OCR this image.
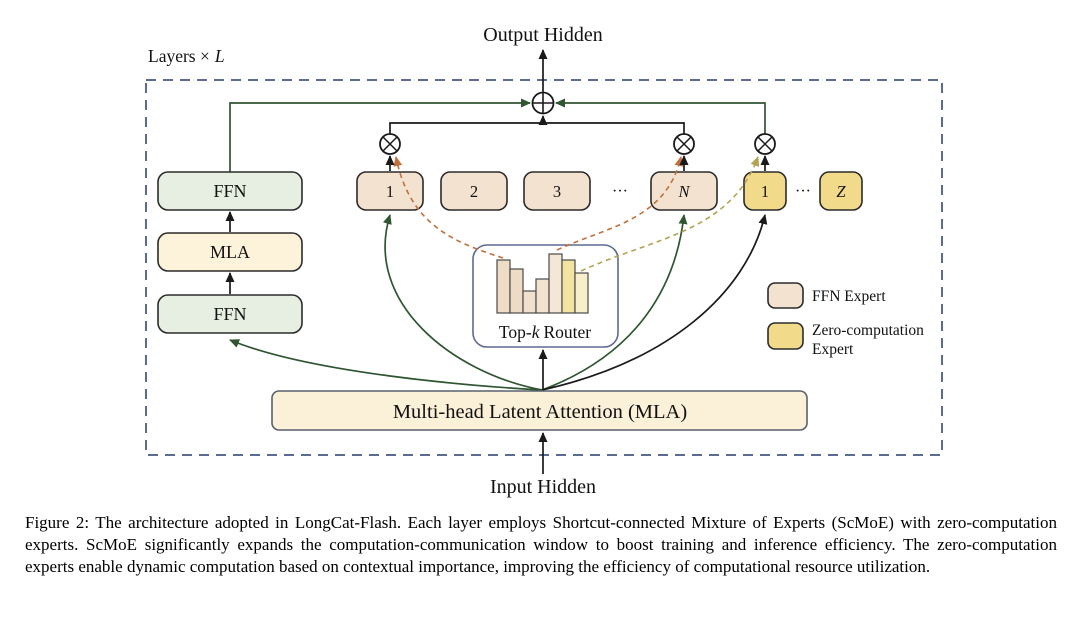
Layers × L
Output Hidden
FFN
MLA
FFN
1	2	3	···	N	1 ··· Z
Top-k Router
Multi-head Latent Attention (MLA)
Input Hidden
FFN Expert
Zero-computation
Expert
Figure 2: The architecture adopted in LongCat-Flash. Each layer employs Shortcut-connected Mixture of Experts (ScMoE) with zero-computation experts. ScMoE significantly expands the computation-communication window to boost training and inference efficiency. The zero-computation experts enable dynamic computation based on contextual importance, improving the efficiency of computational resource utilization.
